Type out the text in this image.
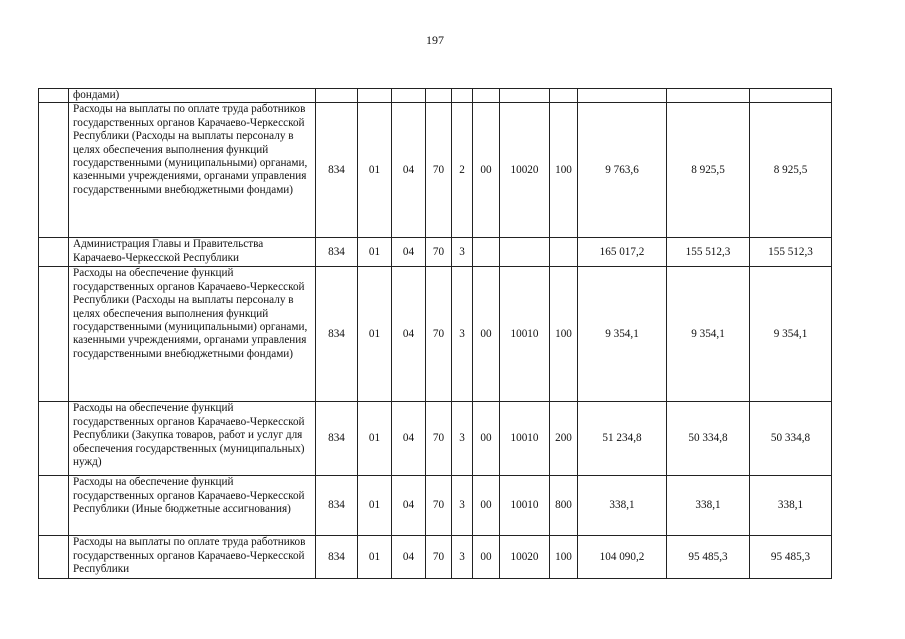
197
	фондами)											
	Расходы на выплаты по оплате труда работников государственных органов Карачаево-Черкесской Республики (Расходы на выплаты персоналу в целях обеспечения выполнения функций государственными (муниципальными) органами, казенными учреждениями, органами управления государственными внебюджетными фондами)	834	01	04	70	2	00	10020	100	9 763,6	8 925,5	8 925,5
	Администрация Главы и Правительства Карачаево-Черкесской Республики	834	01	04	70	3				165 017,2	155 512,3	155 512,3
	Расходы на обеспечение функций государственных органов Карачаево-Черкесской Республики (Расходы на выплаты персоналу в целях обеспечения выполнения функций государственными (муниципальными) органами, казенными учреждениями, органами управления государственными внебюджетными фондами)	834	01	04	70	3	00	10010	100	9 354,1	9 354,1	9 354,1
	Расходы на обеспечение функций государственных органов Карачаево-Черкесской Республики (Закупка товаров, работ и услуг для обеспечения государственных (муниципальных) нужд)	834	01	04	70	3	00	10010	200	51 234,8	50 334,8	50 334,8
	Расходы на обеспечение функций государственных органов Карачаево-Черкесской Республики (Иные бюджетные ассигнования)	834	01	04	70	3	00	10010	800	338,1	338,1	338,1
	Расходы на выплаты по оплате труда работников государственных органов Карачаево-Черкесской Республики	834	01	04	70	3	00	10020	100	104 090,2	95 485,3	95 485,3
